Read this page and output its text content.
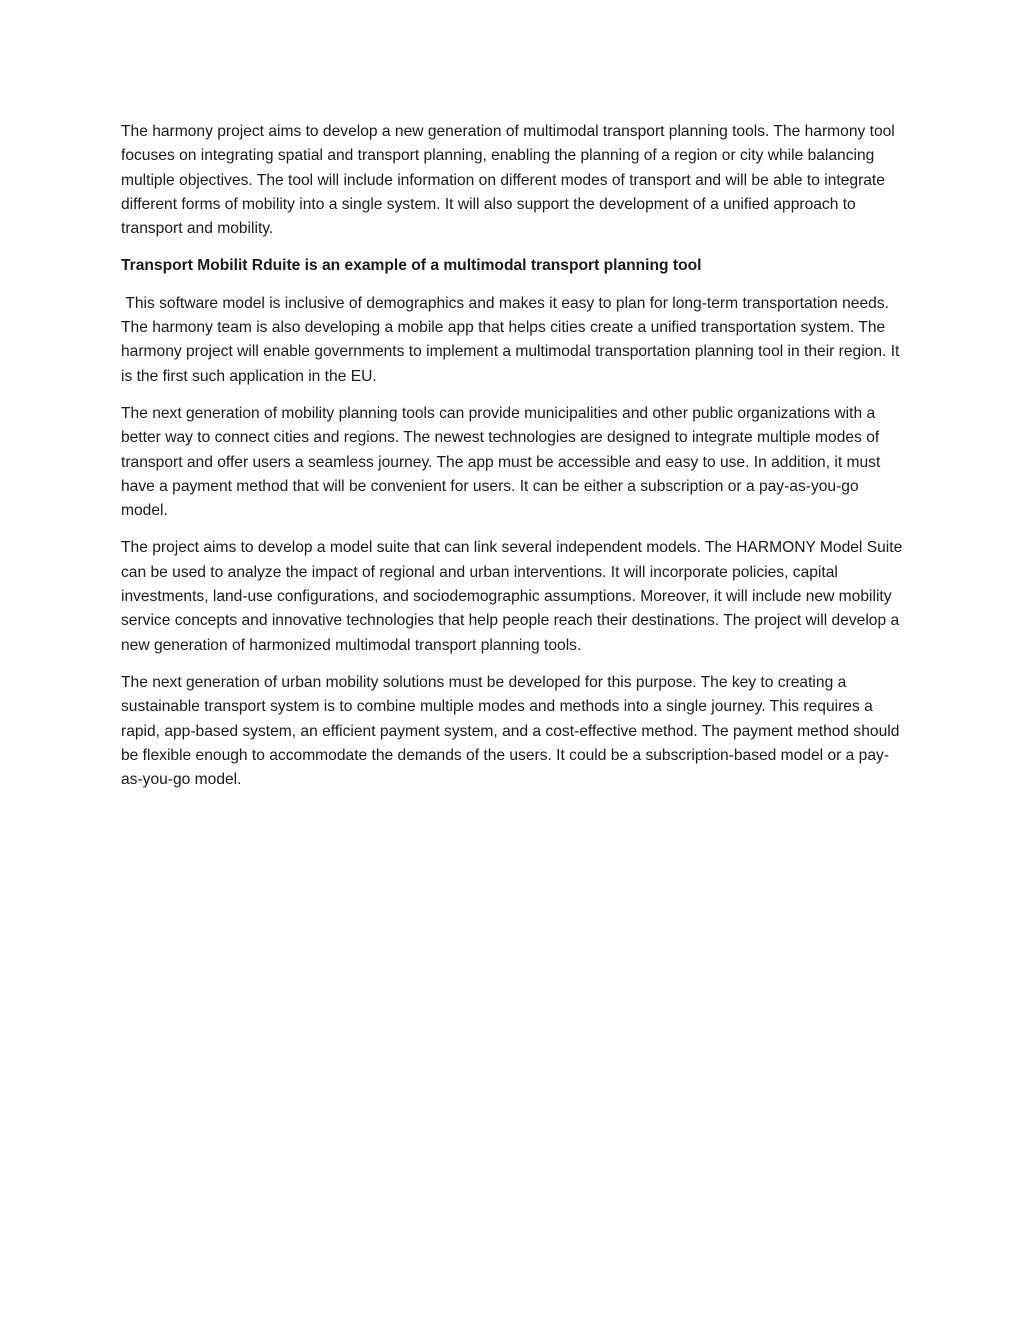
The harmony project aims to develop a new generation of multimodal transport planning tools. The harmony tool focuses on integrating spatial and transport planning, enabling the planning of a region or city while balancing multiple objectives. The tool will include information on different modes of transport and will be able to integrate different forms of mobility into a single system. It will also support the development of a unified approach to transport and mobility.

Transport Mobilit Rduite is an example of a multimodal transport planning tool

This software model is inclusive of demographics and makes it easy to plan for long-term transportation needs. The harmony team is also developing a mobile app that helps cities create a unified transportation system. The harmony project will enable governments to implement a multimodal transportation planning tool in their region. It is the first such application in the EU.

The next generation of mobility planning tools can provide municipalities and other public organizations with a better way to connect cities and regions. The newest technologies are designed to integrate multiple modes of transport and offer users a seamless journey. The app must be accessible and easy to use. In addition, it must have a payment method that will be convenient for users. It can be either a subscription or a pay-as-you-go model.

The project aims to develop a model suite that can link several independent models. The HARMONY Model Suite can be used to analyze the impact of regional and urban interventions. It will incorporate policies, capital investments, land-use configurations, and sociodemographic assumptions. Moreover, it will include new mobility service concepts and innovative technologies that help people reach their destinations. The project will develop a new generation of harmonized multimodal transport planning tools.

The next generation of urban mobility solutions must be developed for this purpose. The key to creating a sustainable transport system is to combine multiple modes and methods into a single journey. This requires a rapid, app-based system, an efficient payment system, and a cost-effective method. The payment method should be flexible enough to accommodate the demands of the users. It could be a subscription-based model or a pay-as-you-go model.
